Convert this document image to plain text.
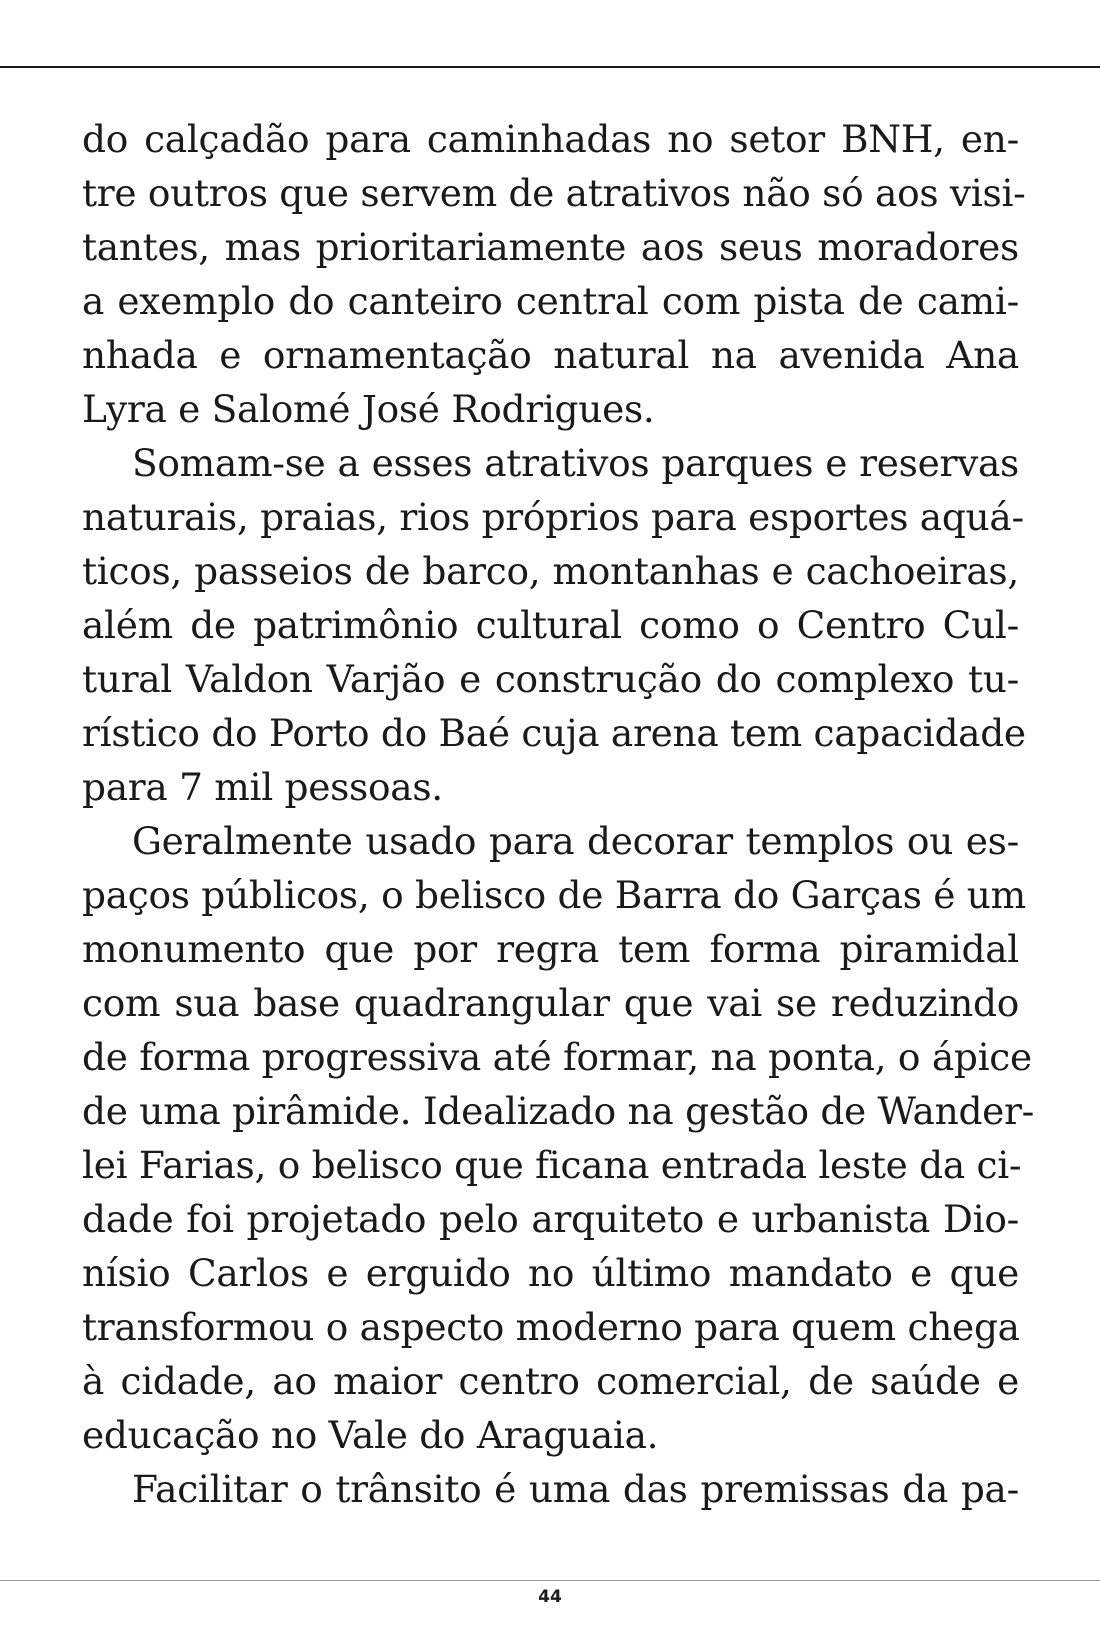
do calçadão para caminhadas no setor BNH, en-
tre outros que servem de atrativos não só aos visi-
tantes, mas prioritariamente aos seus moradores
a exemplo do canteiro central com pista de cami-
nhada e ornamentação natural na avenida Ana
Lyra e Salomé José Rodrigues.
Somam-se a esses atrativos parques e reservas
naturais, praias, rios próprios para esportes aquá-
ticos, passeios de barco, montanhas e cachoeiras,
além de patrimônio cultural como o Centro Cul-
tural Valdon Varjão e construção do complexo tu-
rístico do Porto do Baé cuja arena tem capacidade
para 7 mil pessoas.
Geralmente usado para decorar templos ou es-
paços públicos, o belisco de Barra do Garças é um
monumento que por regra tem forma piramidal
com sua base quadrangular que vai se reduzindo
de forma progressiva até formar, na ponta, o ápice
de uma pirâmide. Idealizado na gestão de Wander-
lei Farias, o belisco que ficana entrada leste da ci-
dade foi projetado pelo arquiteto e urbanista Dio-
nísio Carlos e erguido no último mandato e que
transformou o aspecto moderno para quem chega
à cidade, ao maior centro comercial, de saúde e
educação no Vale do Araguaia.
Facilitar o trânsito é uma das premissas da pa-
44
